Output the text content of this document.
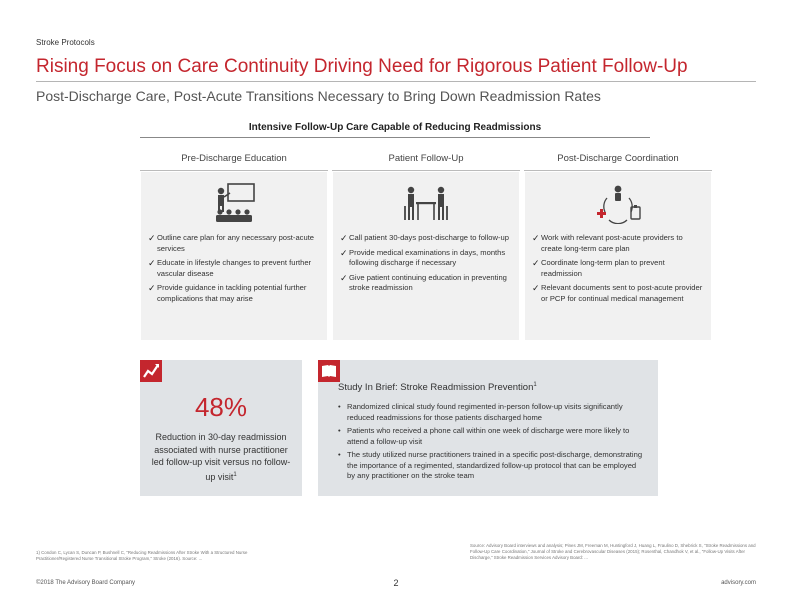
Stroke Protocols
Rising Focus on Care Continuity Driving Need for Rigorous Patient Follow-Up
Post-Discharge Care, Post-Acute Transitions Necessary to Bring Down Readmission Rates
Intensive Follow-Up Care Capable of Reducing Readmissions
Pre-Discharge Education
✓ Outline care plan for any necessary post-acute services
✓ Educate in lifestyle changes to prevent further vascular disease
✓ Provide guidance in tackling potential further complications that may arise
Patient Follow-Up
✓ Call patient 30-days post-discharge to follow-up
✓ Provide medical examinations in days, months following discharge if necessary
✓ Give patient continuing education in preventing stroke readmission
Post-Discharge Coordination
✓ Work with relevant post-acute providers to create long-term care plan
✓ Coordinate long-term plan to prevent readmission
✓ Relevant documents sent to post-acute provider or PCP for continual medical management
48%
Reduction in 30-day readmission associated with nurse practitioner led follow-up visit versus no follow-up visit$^1$
Study In Brief: Stroke Readmission Prevention$^1$
• Randomized clinical study found regimented in-person follow-up visits significantly reduced readmissions for those patients discharged home
• Patients who received a phone call within one week of discharge were more likely to attend a follow-up visit
• The study utilized nurse practitioners trained in a specific post-discharge, demonstrating the importance of a regimented, standardized follow-up protocol that can be employed by any practitioner on the stroke team
1) Condon C, Lycan S, Duncan P, Bushnell C, "Reducing Readmissions After Stroke With a Structured Nurse Practitioner/Registered Nurse Transitional Stroke Program," Stroke (2016). Source: ...
Source: Advisory Board interviews and analysis; Pines JM, Freeman M, Huntingford J, Huang L, Fraulino D, Shebrick S, "Stroke Readmissions and Follow-Up Care Coordination," Journal of Stroke and Cerebrovascular Diseases (2015); Rosenthal, Chandhok V, et al., "Follow-Up Visits After Discharge," Stroke Readmission Services Advisory Board: ...
©2018 The Advisory Board Company	2	advisory.com
